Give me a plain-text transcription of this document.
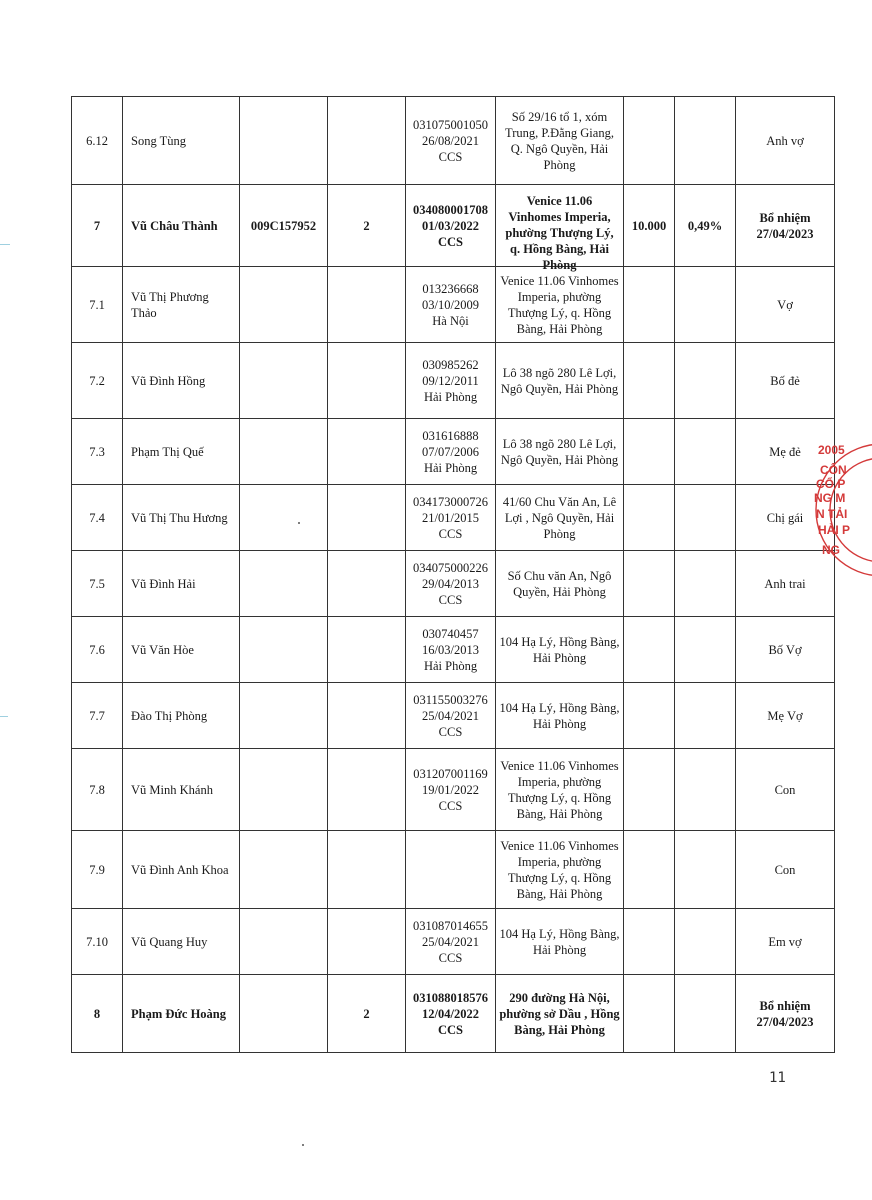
6.12	Song Tùng			031075001050
26/08/2021
CCS	Số 29/16 tổ 1, xóm Trung, P.Đằng Giang, Q. Ngô Quyền, Hải Phòng			Anh vợ
7	Vũ Châu Thành	009C157952	2	034080001708
01/03/2022
CCS	Venice 11.06 Vinhomes Imperia, phường Thượng Lý, q. Hồng Bàng, Hải Phòng	10.000	0,49%	Bổ nhiệm 27/04/2023
7.1	Vũ Thị Phương Thảo			013236668
03/10/2009
Hà Nội	Venice 11.06 Vinhomes Imperia, phường Thượng Lý, q. Hồng Bàng, Hải Phòng			Vợ
7.2	Vũ Đình Hồng			030985262
09/12/2011
Hải Phòng	Lô 38 ngõ 280 Lê Lợi, Ngô Quyền, Hải Phòng			Bố đẻ
7.3	Phạm Thị Quế			031616888
07/07/2006
Hải Phòng	Lô 38 ngõ 280 Lê Lợi, Ngô Quyền, Hải Phòng			Mẹ đẻ
7.4	Vũ Thị Thu Hương			034173000726
21/01/2015
CCS	41/60 Chu Văn An, Lê Lợi , Ngô Quyền, Hải Phòng			Chị gái
7.5	Vũ Đình Hải			034075000226
29/04/2013
CCS	Số Chu văn An, Ngô Quyền, Hải Phòng			Anh trai
7.6	Vũ Văn Hòe			030740457
16/03/2013
Hải Phòng	104 Hạ Lý, Hồng Bàng, Hải Phòng			Bố Vợ
7.7	Đào Thị Phòng			031155003276
25/04/2021
CCS	104 Hạ Lý, Hồng Bàng, Hải Phòng			Mẹ Vợ
7.8	Vũ Minh Khánh			031207001169
19/01/2022
CCS	Venice 11.06 Vinhomes Imperia, phường Thượng Lý, q. Hồng Bàng, Hải Phòng			Con
7.9	Vũ Đình Anh Khoa				Venice 11.06 Vinhomes Imperia, phường Thượng Lý, q. Hồng Bàng, Hải Phòng			Con
7.10	Vũ Quang Huy			031087014655
25/04/2021
CCS	104 Hạ Lý, Hồng Bàng, Hải Phòng			Em vợ
8	Phạm Đức Hoàng		2	031088018576
12/04/2022
CCS	290 đường Hà Nội, phường sở Dầu , Hồng Bàng, Hải Phòng			Bổ nhiệm 27/04/2023
2005
CÔN
CỔ P
NG M
N TẢI
HẢI P
NG
11
